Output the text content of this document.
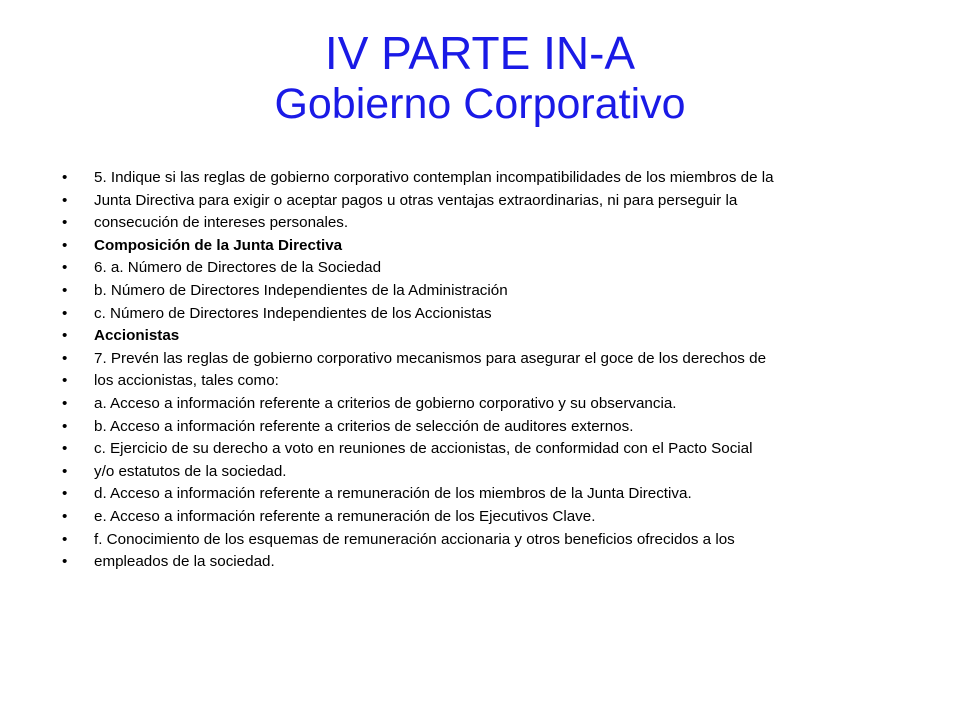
IV PARTE IN-A
Gobierno Corporativo
• 5. Indique si las reglas de gobierno corporativo contemplan incompatibilidades de los miembros de la
• Junta Directiva para exigir o aceptar pagos u otras ventajas extraordinarias, ni para perseguir la
• consecución de intereses personales.
• Composición de la Junta Directiva
• 6. a. Número de Directores de la Sociedad
• b. Número de Directores Independientes de la Administración
• c. Número de Directores Independientes de los Accionistas
• Accionistas
• 7. Prevén las reglas de gobierno corporativo mecanismos para asegurar el goce de los derechos de
• los accionistas, tales como:
• a. Acceso a información referente a criterios de gobierno corporativo y su observancia.
• b. Acceso a información referente a criterios de selección de auditores externos.
• c. Ejercicio de su derecho a voto en reuniones de accionistas, de conformidad con el Pacto Social
• y/o estatutos de la sociedad.
• d. Acceso a información referente a remuneración de los miembros de la Junta Directiva.
• e. Acceso a información referente a remuneración de los Ejecutivos Clave.
• f. Conocimiento de los esquemas de remuneración accionaria y otros beneficios ofrecidos a los
• empleados de la sociedad.
